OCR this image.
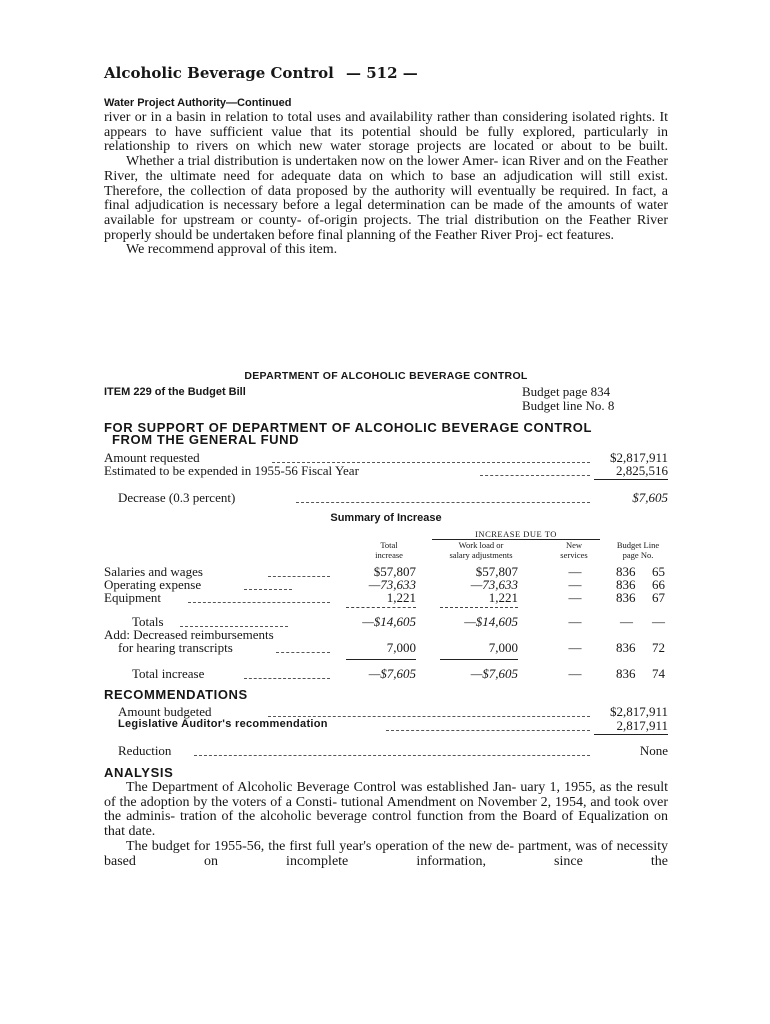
Alcoholic Beverage Control — 512 —
Water Project Authority—Continued

river or in a basin in relation to total uses and availability rather than considering isolated rights. It appears to have sufficient value that its potential should be fully explored, particularly in relationship to rivers on which new water storage projects are located or about to be built.

Whether a trial distribution is undertaken now on the lower Amer- ican River and on the Feather River, the ultimate need for adequate data on which to base an adjudication will still exist. Therefore, the collection of data proposed by the authority will eventually be required. In fact, a final adjudication is necessary before a legal determination can be made of the amounts of water available for upstream or county- of-origin projects. The trial distribution on the Feather River properly should be undertaken before final planning of the Feather River Proj- ect features.

We recommend approval of this item.

DEPARTMENT OF ALCOHOLIC BEVERAGE CONTROL
ITEM 229 of the Budget Bill	Budget page 834
Budget line No. 8
FOR SUPPORT OF DEPARTMENT OF ALCOHOLIC BEVERAGE CONTROL
FROM THE GENERAL FUND
Amount requested	$2,817,911
Estimated to be expended in 1955-56 Fiscal Year	2,825,516
Decrease (0.3 percent)	$7,605
Summary of Increase
INCREASE DUE TO
Total
increase
Work load or
salary adjustments
New
services
Budget Line
page No.
Salaries and wages	$57,807	$57,807	—	836 65
Operating expense	—73,633	—73,633	—	836 66
Equipment	1,221	1,221	—	836 67
Totals	—$14,605	—$14,605	—	— —
Add: Decreased reimbursements
for hearing transcripts	7,000	7,000	—	836 72
Total increase	—$7,605	—$7,605	—	836 74
RECOMMENDATIONS
Amount budgeted	$2,817,911
Legislative Auditor's recommendation	2,817,911
Reduction	None
ANALYSIS

The Department of Alcoholic Beverage Control was established Jan- uary 1, 1955, as the result of the adoption by the voters of a Consti- tutional Amendment on November 2, 1954, and took over the adminis- tration of the alcoholic beverage control function from the Board of Equalization on that date.

The budget for 1955-56, the first full year's operation of the new de- partment, was of necessity based on incomplete information, since the
